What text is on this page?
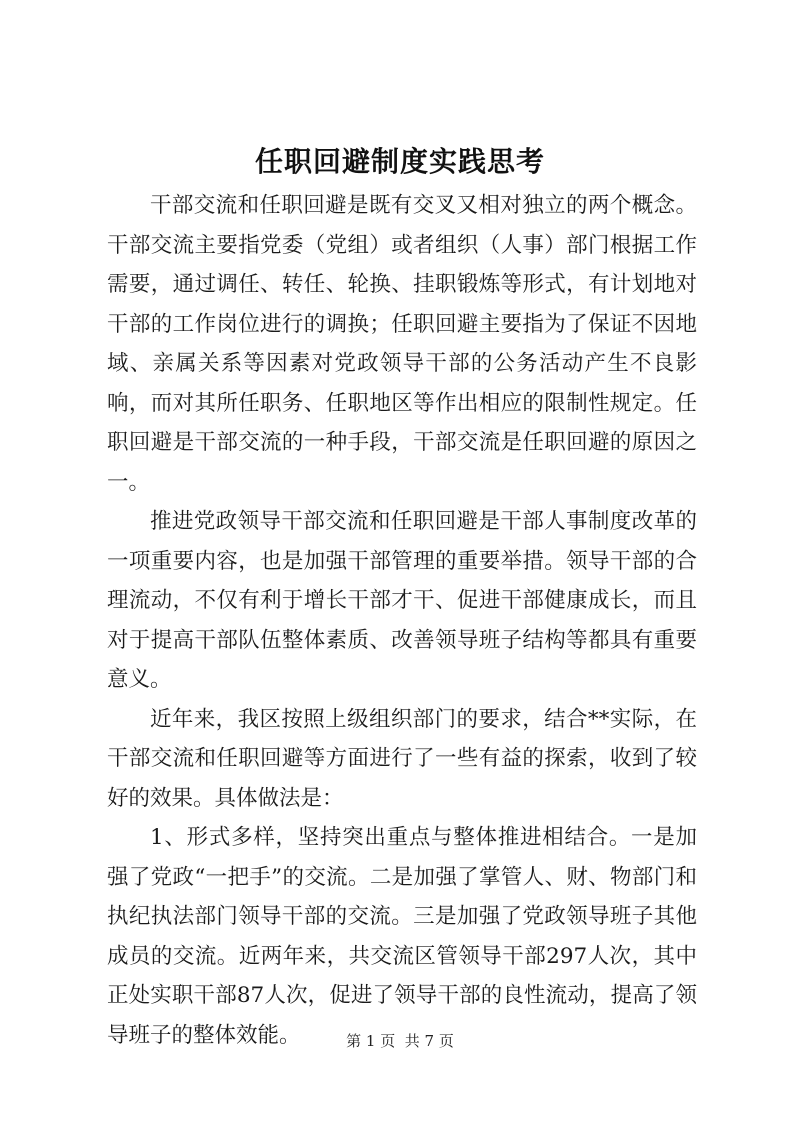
任职回避制度实践思考

干部交流和任职回避是既有交叉又相对独立的两个概念。干部交流主要指党委（党组）或者组织（人事）部门根据工作需要，通过调任、转任、轮换、挂职锻炼等形式，有计划地对干部的工作岗位进行的调换；任职回避主要指为了保证不因地域、亲属关系等因素对党政领导干部的公务活动产生不良影响，而对其所任职务、任职地区等作出相应的限制性规定。任职回避是干部交流的一种手段，干部交流是任职回避的原因之一。

推进党政领导干部交流和任职回避是干部人事制度改革的一项重要内容，也是加强干部管理的重要举措。领导干部的合理流动，不仅有利于增长干部才干、促进干部健康成长，而且对于提高干部队伍整体素质、改善领导班子结构等都具有重要意义。

近年来，我区按照上级组织部门的要求，结合**实际，在干部交流和任职回避等方面进行了一些有益的探索，收到了较好的效果。具体做法是：

1、形式多样，坚持突出重点与整体推进相结合。一是加强了党政“一把手”的交流。二是加强了掌管人、财、物部门和执纪执法部门领导干部的交流。三是加强了党政领导班子其他成员的交流。近两年来，共交流区管领导干部297人次，其中正处实职干部87人次，促进了领导干部的良性流动，提高了领导班子的整体效能。	第 1 页  共 7 页
